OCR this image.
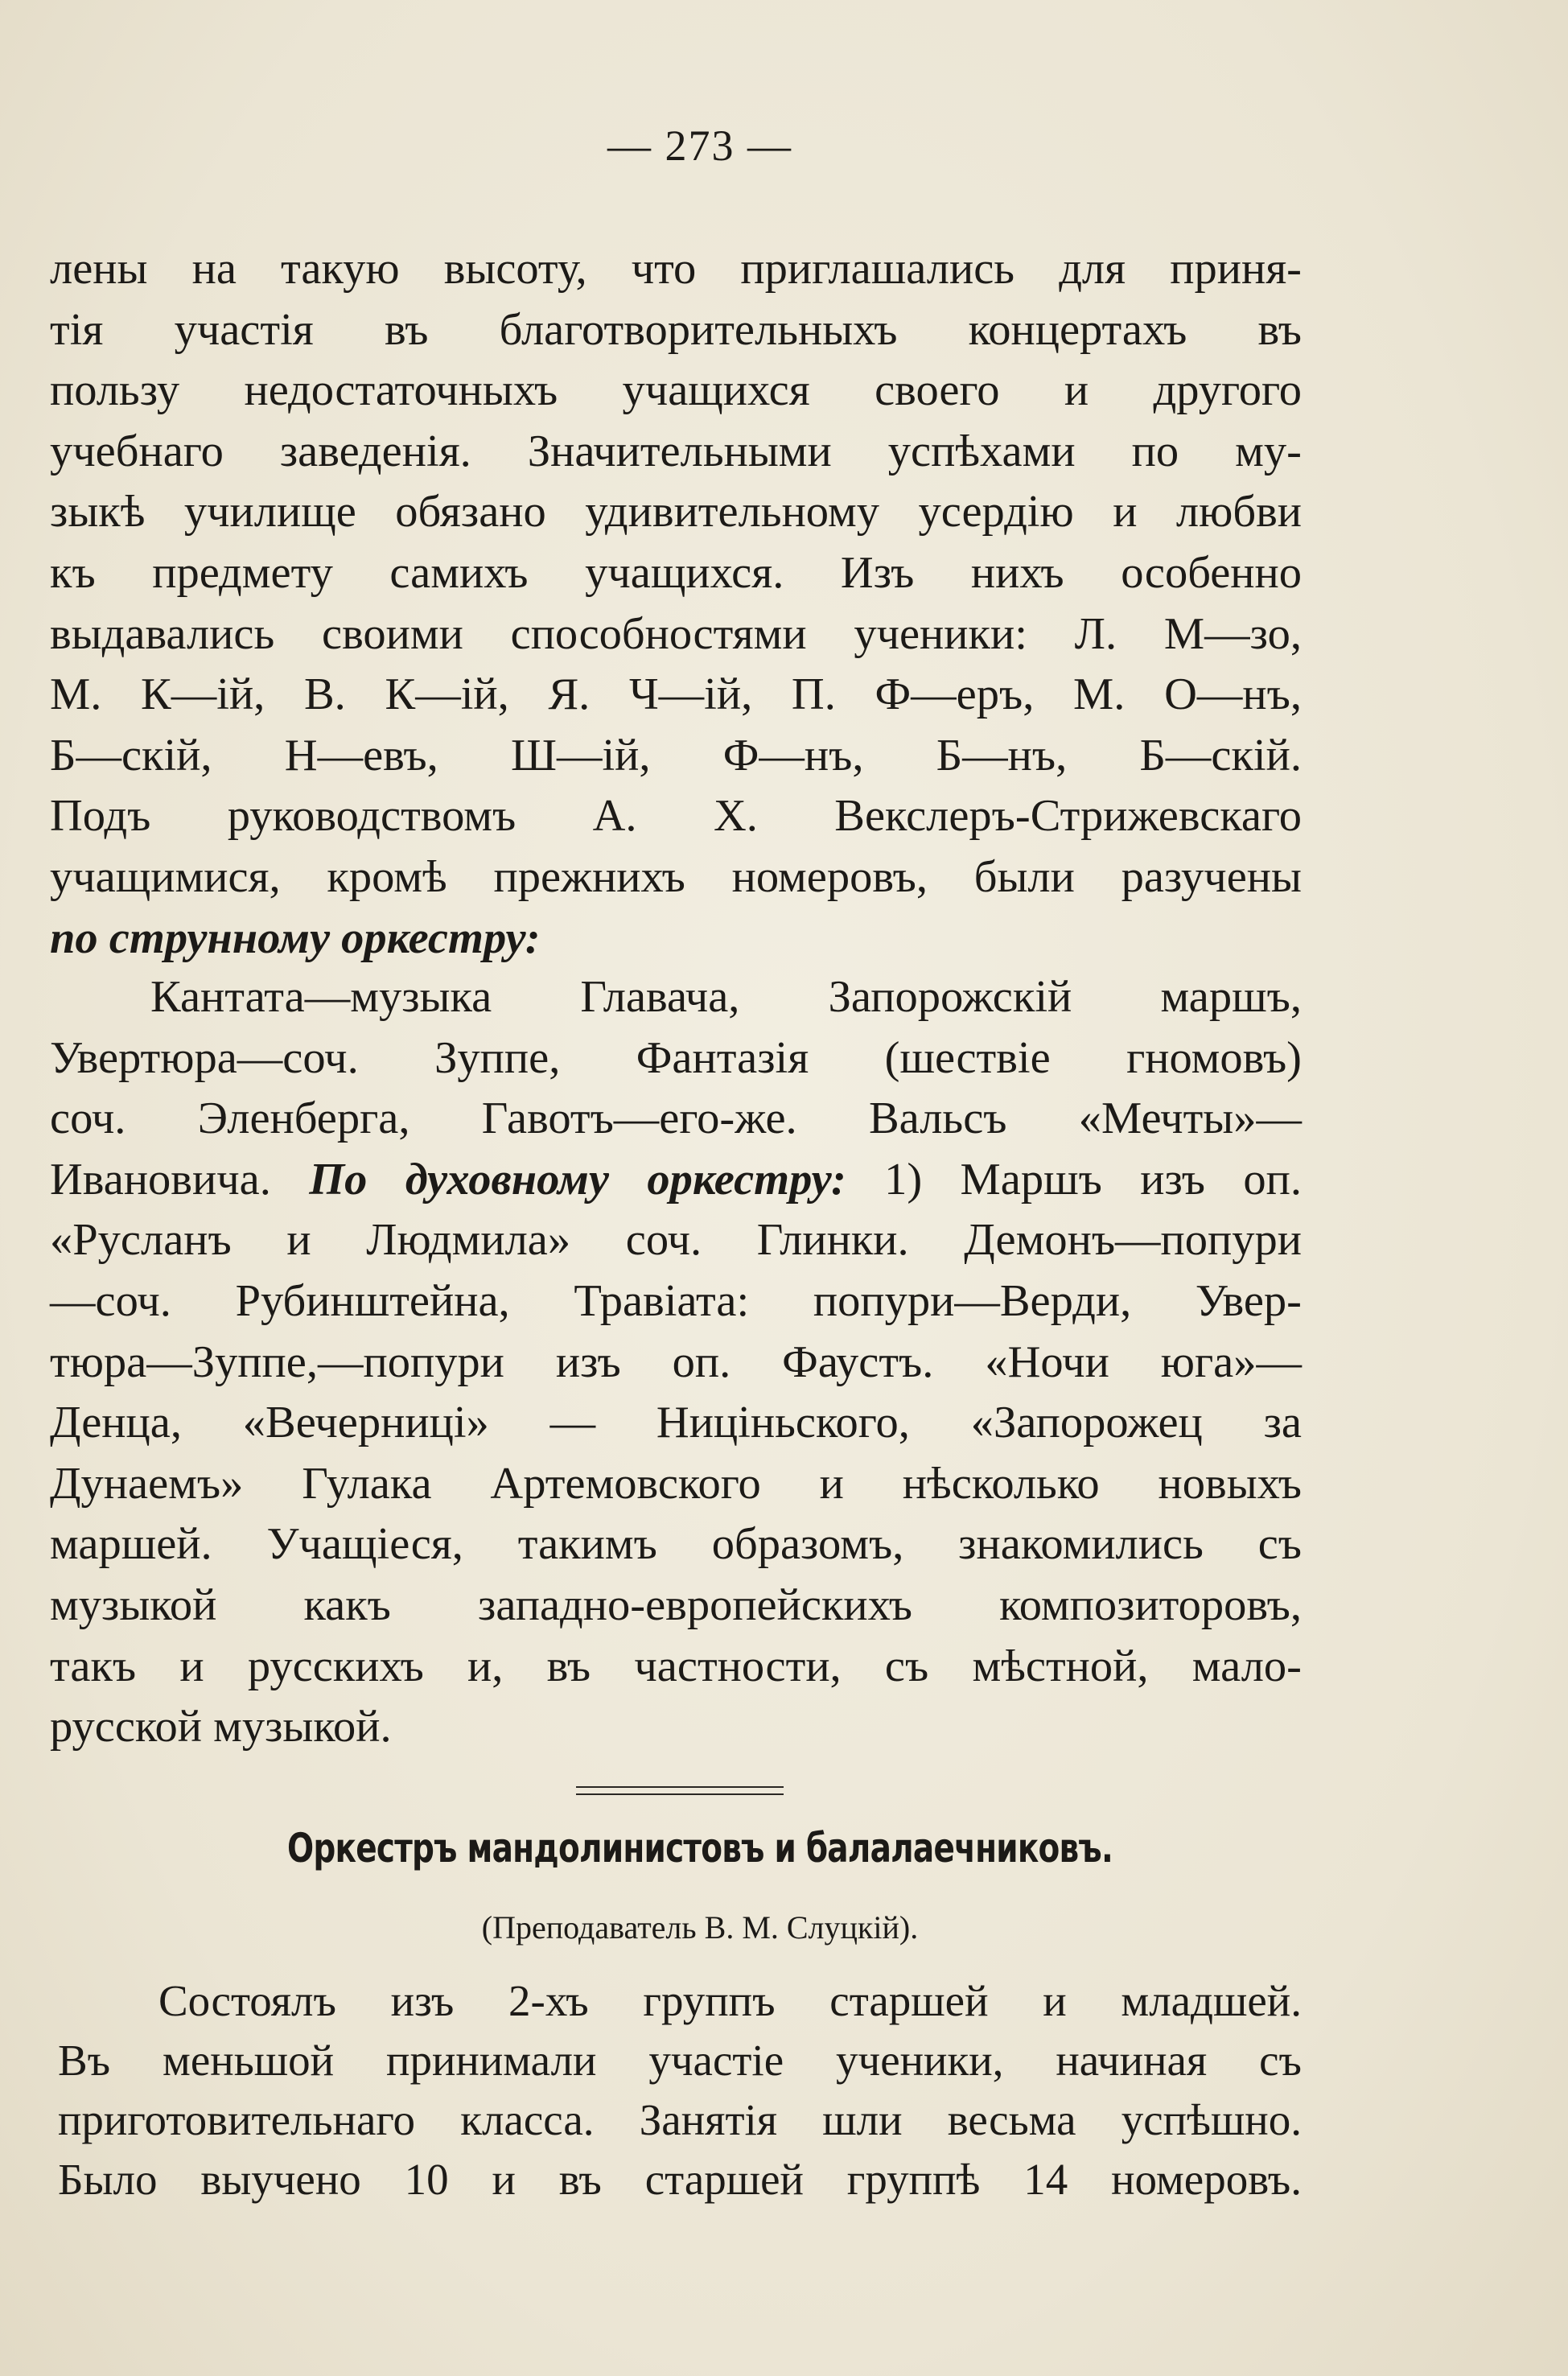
— 273 —
лены на такую высоту, что приглашались для приня-
тія участія въ благотворительныхъ концертахъ въ
пользу недостаточныхъ учащихся своего и другого
учебнаго заведенія. Значительными успѣхами по му-
зыкѣ училище обязано удивительному усердію и любви
къ предмету самихъ учащихся. Изъ нихъ особенно
выдавались своими способностями ученики: Л. М—зо,
М. К—ій, В. К—ій, Я. Ч—ій, П. Ф—еръ, М. О—нъ,
Б—скій, Н—евъ, Ш—ій, Ф—нъ, Б—нъ, Б—скій.
Подъ руководствомъ А. Х. Векслеръ-Стрижевскаго
учащимися, кромѣ прежнихъ номеровъ, были разучены
по струнному оркестру:
Кантата—музыка Главача, Запорожскій маршъ,
Увертюра—соч. Зуппе, Фантазія (шествіе гномовъ)
соч. Эленберга, Гавотъ—его-же. Вальсъ «Мечты»—
Ивановича. По духовному оркестру: 1) Маршъ изъ оп.
«Русланъ и Людмила» соч. Глинки. Демонъ—попури
—соч. Рубинштейна, Травіата: попури—Верди, Увер-
тюра—Зуппе,—попури изъ оп. Фаустъ. «Ночи юга»—
Денца, «Вечерниці» — Ниціньского, «Запорожец за
Дунаемъ» Гулака Артемовского и нѣсколько новыхъ
маршей. Учащіеся, такимъ образомъ, знакомились съ
музыкой какъ западно-европейскихъ композиторовъ,
такъ и русскихъ и, въ частности, съ мѣстной, мало-
русской музыкой.
Оркестръ мандолинистовъ и балалаечниковъ.
(Преподаватель В. М. Слуцкій).
Состоялъ изъ 2-хъ группъ старшей и младшей.
Въ меньшой принимали участіе ученики, начиная съ
приготовительнаго класса. Занятія шли весьма успѣшно.
Было выучено 10 и въ старшей группѣ 14 номеровъ.
